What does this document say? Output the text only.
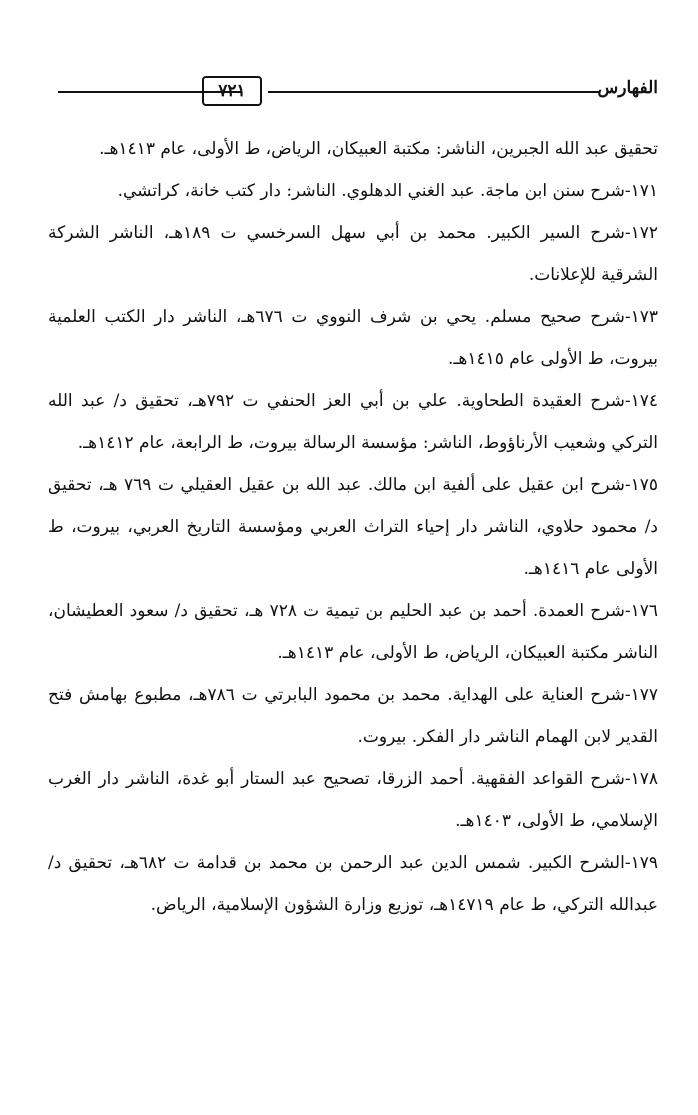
الفهارس
٧٢١

تحقيق عبد الله الجبرين، الناشر: مكتبة العبيكان، الرياض، ط الأولى، عام ١٤١٣هـ.

١٧١-شرح سنن ابن ماجة. عبد الغني الدهلوي. الناشر: دار كتب خانة، كراتشي.

١٧٢-شرح السير الكبير. محمد بن أبي سهل السرخسي ت ١٨٩هـ، الناشر الشركة الشرقية للإعلانات.

١٧٣-شرح صحيح مسلم. يحي بن شرف النووي ت ٦٧٦هـ، الناشر دار الكتب العلمية بيروت، ط الأولى عام ١٤١٥هـ.

١٧٤-شرح العقيدة الطحاوية. علي بن أبي العز الحنفي ت ٧٩٢هـ، تحقيق د/ عبد الله التركي وشعيب الأرناؤوط، الناشر: مؤسسة الرسالة بيروت، ط الرابعة، عام ١٤١٢هـ.

١٧٥-شرح ابن عقيل على ألفية ابن مالك. عبد الله بن عقيل العقيلي ت ٧٦٩ هـ، تحقيق د/ محمود حلاوي، الناشر دار إحياء التراث العربي ومؤسسة التاريخ العربي، بيروت، ط الأولى عام ١٤١٦هـ.

١٧٦-شرح العمدة. أحمد بن عبد الحليم بن تيمية ت ٧٢٨ هـ، تحقيق د/ سعود العطيشان، الناشر مكتبة العبيكان، الرياض، ط الأولى، عام ١٤١٣هـ.

١٧٧-شرح العناية على الهداية. محمد بن محمود البابرتي ت ٧٨٦هـ، مطبوع بهامش فتح القدير لابن الهمام الناشر دار الفكر. بيروت.

١٧٨-شرح القواعد الفقهية. أحمد الزرقا، تصحيح عبد الستار أبو غدة، الناشر دار الغرب الإسلامي، ط الأولى، ١٤٠٣هـ.

١٧٩-الشرح الكبير. شمس الدين عبد الرحمن بن محمد بن قدامة ت ٦٨٢هـ، تحقيق د/ عبدالله التركي، ط عام ١٤٧١٩هـ، توزيع وزارة الشؤون الإسلامية، الرياض.
